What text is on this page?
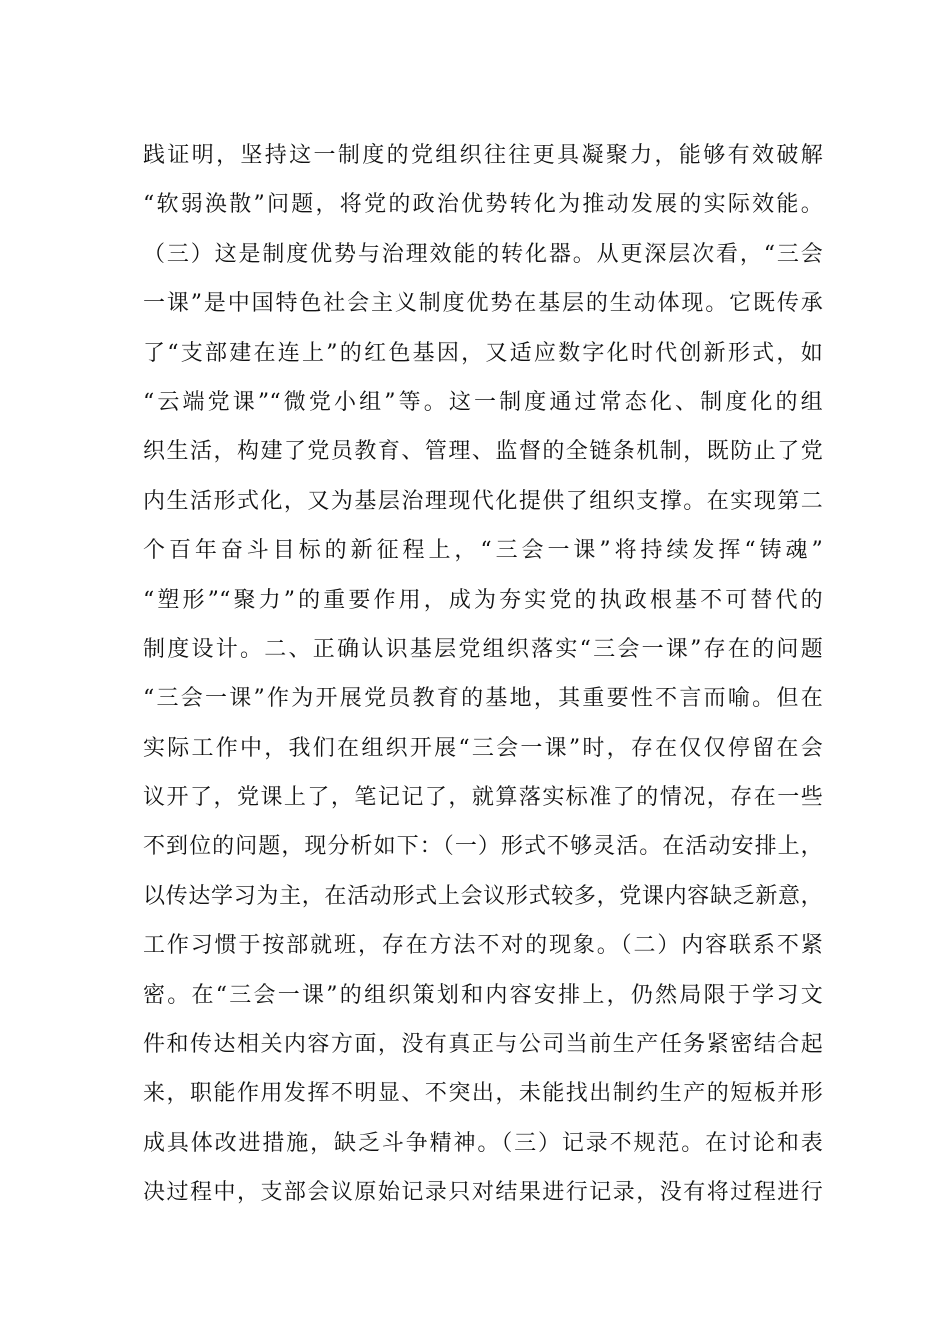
践证明，坚持这一制度的党组织往往更具凝聚力，能够有效破解
“软弱涣散”问题，将党的政治优势转化为推动发展的实际效能。
（三）这是制度优势与治理效能的转化器。从更深层次看，“三会
一课”是中国特色社会主义制度优势在基层的生动体现。它既传承
了“支部建在连上”的红色基因，又适应数字化时代创新形式，如
“云端党课”“微党小组”等。这一制度通过常态化、制度化的组
织生活，构建了党员教育、管理、监督的全链条机制，既防止了党
内生活形式化，又为基层治理现代化提供了组织支撑。在实现第二
个百年奋斗目标的新征程上，“三会一课”将持续发挥“铸魂”
“塑形”“聚力”的重要作用，成为夯实党的执政根基不可替代的
制度设计。二、正确认识基层党组织落实“三会一课”存在的问题
“三会一课”作为开展党员教育的基地，其重要性不言而喻。但在
实际工作中，我们在组织开展“三会一课”时，存在仅仅停留在会
议开了，党课上了，笔记记了，就算落实标准了的情况，存在一些
不到位的问题，现分析如下：（一）形式不够灵活。在活动安排上，
以传达学习为主，在活动形式上会议形式较多，党课内容缺乏新意，
工作习惯于按部就班，存在方法不对的现象。（二）内容联系不紧
密。在“三会一课”的组织策划和内容安排上，仍然局限于学习文
件和传达相关内容方面，没有真正与公司当前生产任务紧密结合起
来，职能作用发挥不明显、不突出，未能找出制约生产的短板并形
成具体改进措施，缺乏斗争精神。（三）记录不规范。在讨论和表
决过程中，支部会议原始记录只对结果进行记录，没有将过程进行
